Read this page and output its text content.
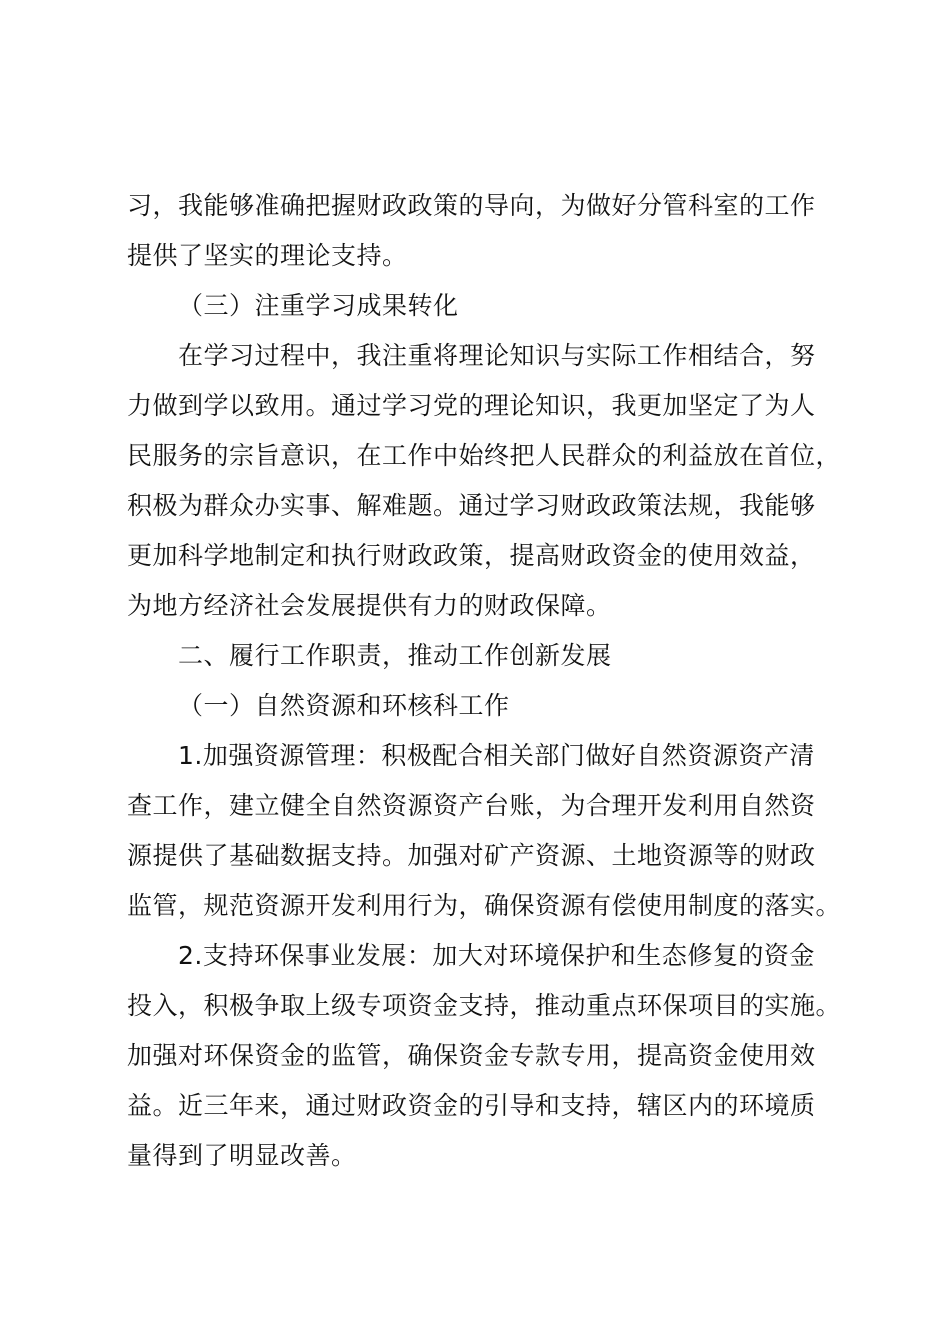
习，我能够准确把握财政政策的导向，为做好分管科室的工作
提供了坚实的理论支持。
（三）注重学习成果转化
在学习过程中，我注重将理论知识与实际工作相结合，努
力做到学以致用。通过学习党的理论知识，我更加坚定了为人
民服务的宗旨意识，在工作中始终把人民群众的利益放在首位，
积极为群众办实事、解难题。通过学习财政政策法规，我能够
更加科学地制定和执行财政政策，提高财政资金的使用效益，
为地方经济社会发展提供有力的财政保障。
二、履行工作职责，推动工作创新发展
（一）自然资源和环核科工作
1.加强资源管理：积极配合相关部门做好自然资源资产清
查工作，建立健全自然资源资产台账，为合理开发利用自然资
源提供了基础数据支持。加强对矿产资源、土地资源等的财政
监管，规范资源开发利用行为，确保资源有偿使用制度的落实。
2.支持环保事业发展：加大对环境保护和生态修复的资金
投入，积极争取上级专项资金支持，推动重点环保项目的实施。
加强对环保资金的监管，确保资金专款专用，提高资金使用效
益。近三年来，通过财政资金的引导和支持，辖区内的环境质
量得到了明显改善。
